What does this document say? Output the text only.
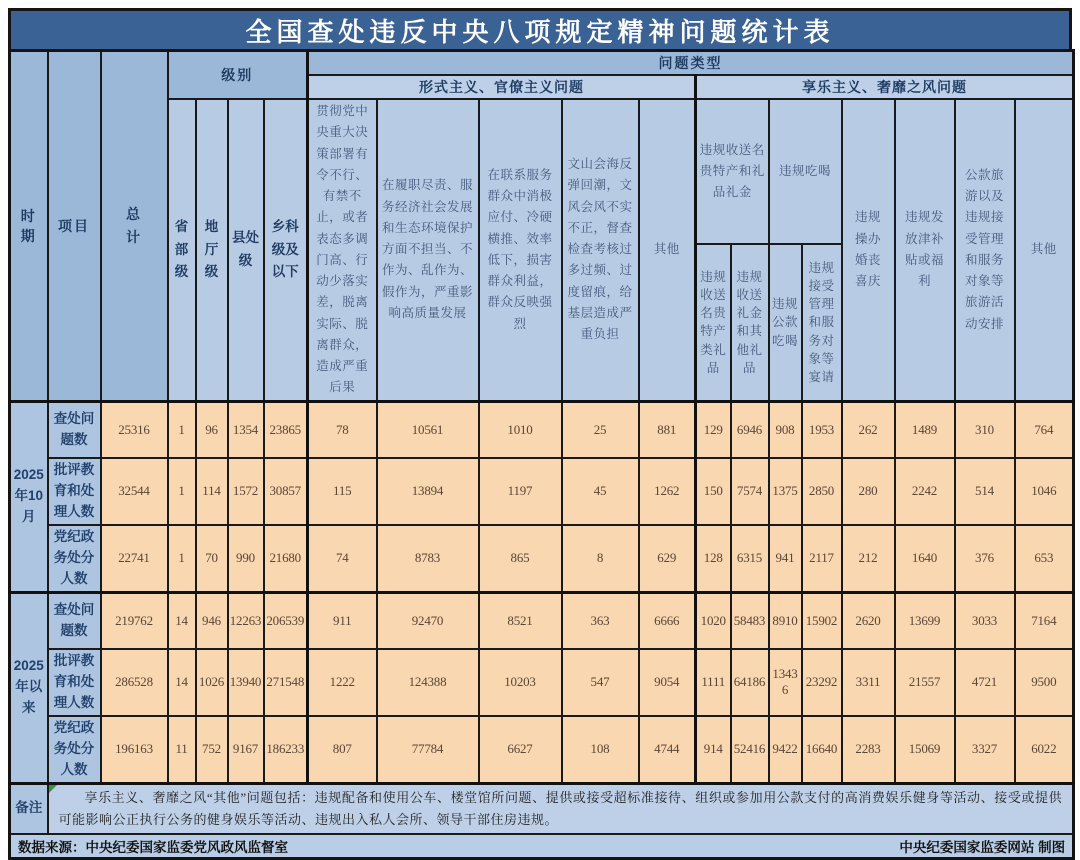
全国查处违反中央八项规定精神问题统计表
时期	项目	总计	级别				问题类型												
							形式主义、官僚主义问题					享乐主义、奢靡之风问题							
			省部级	地厅级	县处级	乡科级及以下	贯彻党中央重大决策部署有令不行、有禁不止，或者表态多调门高、行动少落实差，脱离实际、脱离群众，造成严重后果	在履职尽责、服务经济社会发展和生态环境保护方面不担当、不作为、乱作为、假作为，严重影响高质量发展	在联系服务群众中消极应付、冷硬横推、效率低下，损害群众利益，群众反映强烈	文山会海反弹回潮，文风会风不实不正，督查检查考核过多过频、过度留痕，给基层造成严重负担	其他	违规收送名贵特产和礼品礼金		违规吃喝		违规操办婚丧喜庆	违规发放津补贴或福利	公款旅游以及违规接受管理和服务对象等旅游活动安排	其他
												违规收送名贵特产类礼品	违规收送礼金和其他礼品	违规公款吃喝	违规接受管理和服务对象等宴请				
2025年10月	查处问题数	25316	1	96	1354	23865	78	10561	1010	25	881	129	6946	908	1953	262	1489	310	764
	批评教育和处理人数	32544	1	114	1572	30857	115	13894	1197	45	1262	150	7574	1375	2850	280	2242	514	1046
	党纪政务处分人数	22741	1	70	990	21680	74	8783	865	8	629	128	6315	941	2117	212	1640	376	653
2025年以来	查处问题数	219762	14	946	12263	206539	911	92470	8521	363	6666	1020	58483	8910	15902	2620	13699	3033	7164
	批评教育和处理人数	286528	14	1026	13940	271548	1222	124388	10203	547	9054	1111	64186	13436	23292	3311	21557	4721	9500
	党纪政务处分人数	196163	11	752	9167	186233	807	77784	6627	108	4744	914	52416	9422	16640	2283	15069	3327	6022
备注	享乐主义、奢靡之风“其他”问题包括：违规配备和使用公车、楼堂馆所问题、提供或接受超标准接待、组织或参加用公款支付的高消费娱乐健身等活动、接受或提供可能影响公正执行公务的健身娱乐等活动、违规出入私人会所、领导干部住房违规。																		

数据来源：中央纪委国家监委党风政风监督室 中央纪委国家监委网站 制图																			
